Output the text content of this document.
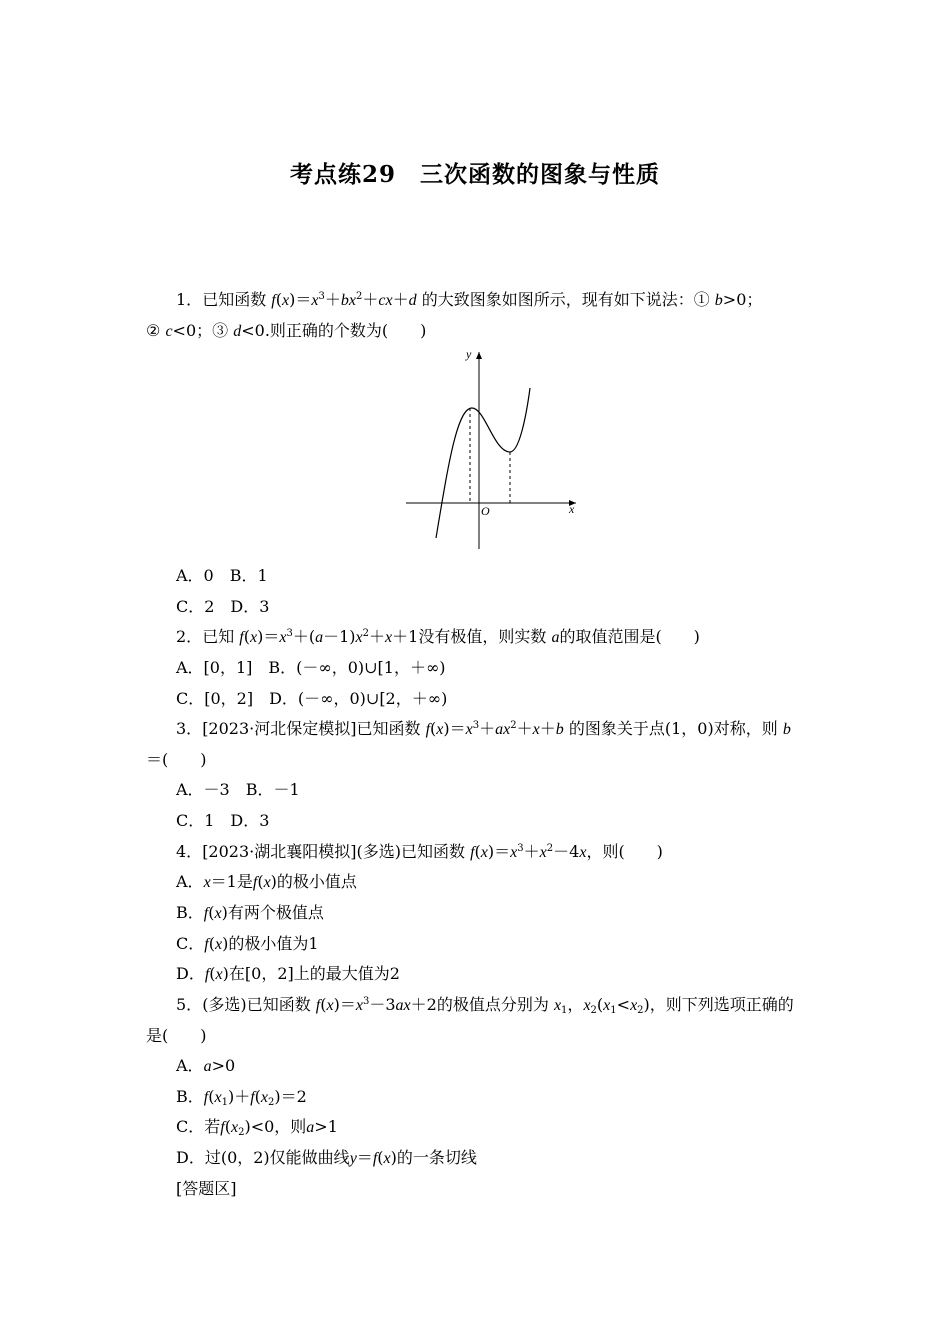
考点练29　三次函数的图象与性质
1．已知函数 $f(x)=x^3+bx^2+cx+d$ 的大致图象如图所示，现有如下说法：① b>0；
② c<0；③ d<0.则正确的个数为(　　)
y
x
O
A．0　B．1
C．2　D．3
2．已知 $f(x)=x^3+(a-1)x^2+x+1$没有极值，则实数 a的取值范围是(　　)
A．[0，1]　B．(－∞，0)∪[1，＋∞)
C．[0，2]　D．(－∞，0)∪[2，＋∞)
3．[2023·河北保定模拟]已知函数 $f(x)=x^3+ax^2+x+b$ 的图象关于点(1，0)对称，则 b
＝(　　)
A．－3　B．－1
C．1　D．3
4．[2023·湖北襄阳模拟](多选)已知函数 $f(x)=x^3+x^2-4x$，则(　　)
A．x＝1是f(x)的极小值点
B．f(x)有两个极值点
C．f(x)的极小值为1
D．f(x)在[0，2]上的最大值为2
5．(多选)已知函数 $f(x)=x^3-3ax+2$的极值点分别为 $x_1$，$x_2(x_1<x_2)$，则下列选项正确的
是(　　)
A．a>0
B．$f(x_1)+f(x_2)=2$
C．若$f(x_2)<0$，则a>1
D．过(0，2)仅能做曲线y＝f(x)的一条切线
[答题区]
